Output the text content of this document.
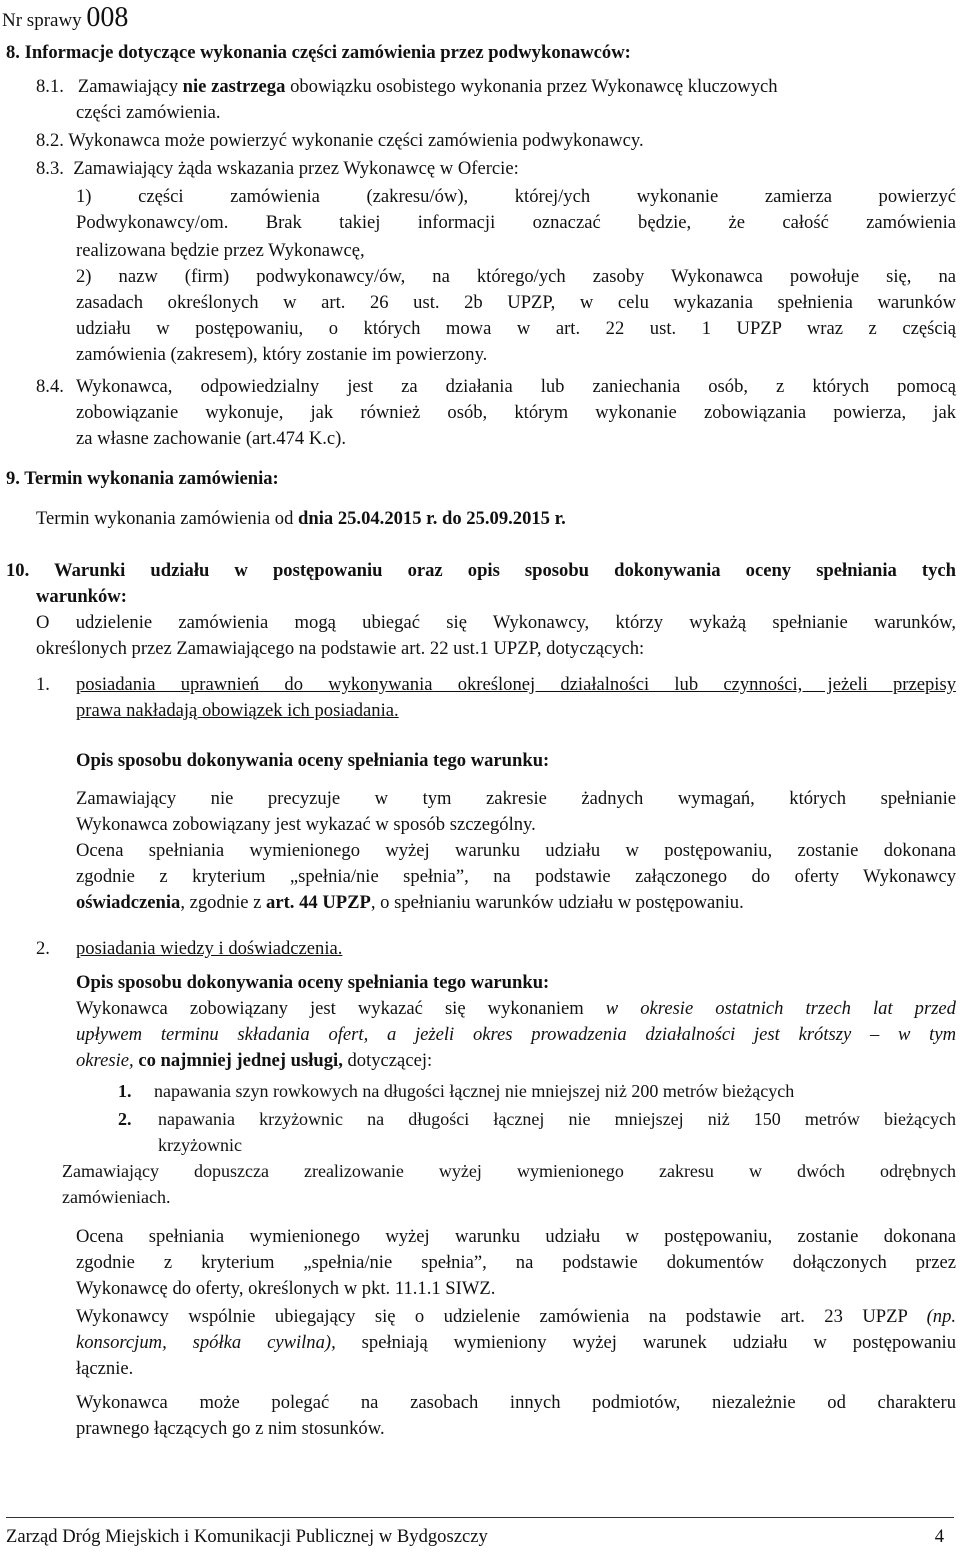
Nr sprawy 008
8. Informacje dotyczące wykonania części zamówienia przez podwykonawców:
8.1. Zamawiający nie zastrzega obowiązku osobistego wykonania przez Wykonawcę kluczowych
części zamówienia.
8.2. Wykonawca może powierzyć wykonanie części zamówienia podwykonawcy.
8.3. Zamawiający żąda wskazania przez Wykonawcę w Ofercie:
1) części zamówienia (zakresu/ów), której/ych wykonanie zamierza powierzyć
Podwykonawcy/om. Brak takiej informacji oznaczać będzie, że całość zamówienia
realizowana będzie przez Wykonawcę,
2) nazw (firm) podwykonawcy/ów, na którego/ych zasoby Wykonawca powołuje się, na
zasadach określonych w art. 26 ust. 2b UPZP, w celu wykazania spełnienia warunków
udziału w postępowaniu, o których mowa w art. 22 ust. 1 UPZP wraz z częścią
zamówienia (zakresem), który zostanie im powierzony.
8.4. Wykonawca, odpowiedzialny jest za działania lub zaniechania osób, z których pomocą
zobowiązanie wykonuje, jak również osób, którym wykonanie zobowiązania powierza, jak
za własne zachowanie (art.474 K.c).
9. Termin wykonania zamówienia:
Termin wykonania zamówienia od dnia 25.04.2015 r. do 25.09.2015 r.
10. Warunki udziału w postępowaniu oraz opis sposobu dokonywania oceny spełniania tych
warunków:
O udzielenie zamówienia mogą ubiegać się Wykonawcy, którzy wykażą spełnianie warunków,
określonych przez Zamawiającego na podstawie art. 22 ust.1 UPZP, dotyczących:
1. posiadania uprawnień do wykonywania określonej działalności lub czynności, jeżeli przepisy
prawa nakładają obowiązek ich posiadania.
Opis sposobu dokonywania oceny spełniania tego warunku:
Zamawiający nie precyzuje w tym zakresie żadnych wymagań, których spełnianie
Wykonawca zobowiązany jest wykazać w sposób szczególny.
Ocena spełniania wymienionego wyżej warunku udziału w postępowaniu, zostanie dokonana
zgodnie z kryterium „spełnia/nie spełnia”, na podstawie załączonego do oferty Wykonawcy
oświadczenia, zgodnie z art. 44 UPZP, o spełnianiu warunków udziału w postępowaniu.
2. posiadania wiedzy i doświadczenia.
Opis sposobu dokonywania oceny spełniania tego warunku:
Wykonawca zobowiązany jest wykazać się wykonaniem w okresie ostatnich trzech lat przed
upływem terminu składania ofert, a jeżeli okres prowadzenia działalności jest krótszy – w tym
okresie, co najmniej jednej usługi, dotyczącej:
1. napawania szyn rowkowych na długości łącznej nie mniejszej niż 200 metrów bieżących
2. napawania krzyżownic na długości łącznej nie mniejszej niż 150 metrów bieżących
krzyżownic
Zamawiający dopuszcza zrealizowanie wyżej wymienionego zakresu w dwóch odrębnych
zamówieniach.
Ocena spełniania wymienionego wyżej warunku udziału w postępowaniu, zostanie dokonana
zgodnie z kryterium „spełnia/nie spełnia”, na podstawie dokumentów dołączonych przez
Wykonawcę do oferty, określonych w pkt. 11.1.1 SIWZ.
Wykonawcy wspólnie ubiegający się o udzielenie zamówienia na podstawie art. 23 UPZP (np.
konsorcjum, spółka cywilna), spełniają wymieniony wyżej warunek udziału w postępowaniu
łącznie.
Wykonawca może polegać na zasobach innych podmiotów, niezależnie od charakteru
prawnego łączących go z nim stosunków.
Zarząd Dróg Miejskich i Komunikacji Publicznej w Bydgoszczy	4
